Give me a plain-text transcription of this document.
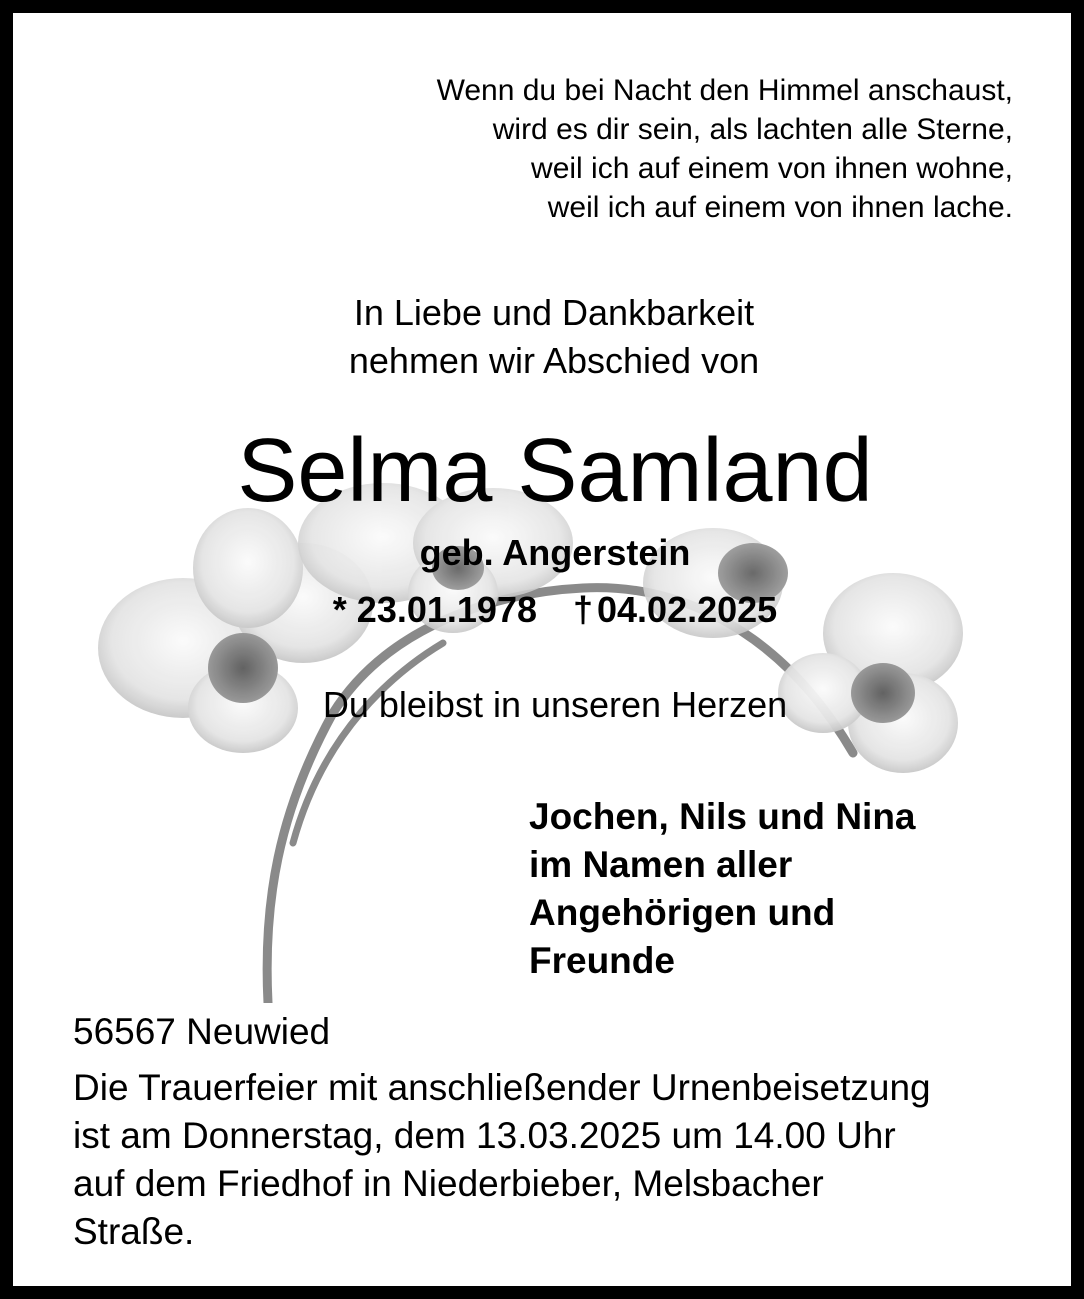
Wenn du bei Nacht den Himmel anschaust,
wird es dir sein, als lachten alle Sterne,
weil ich auf einem von ihnen wohne,
weil ich auf einem von ihnen lache.
In Liebe und Dankbarkeit
nehmen wir Abschied von
Selma Samland
geb. Angerstein
* 23.01.1978 † 04.02.2025
Du bleibst in unseren Herzen
Jochen, Nils und Nina
im Namen aller
Angehörigen und
Freunde
56567 Neuwied
Die Trauerfeier mit anschließender Urnenbeisetzung
ist am Donnerstag, dem 13.03.2025 um 14.00 Uhr
auf dem Friedhof in Niederbieber, Melsbacher
Straße.
